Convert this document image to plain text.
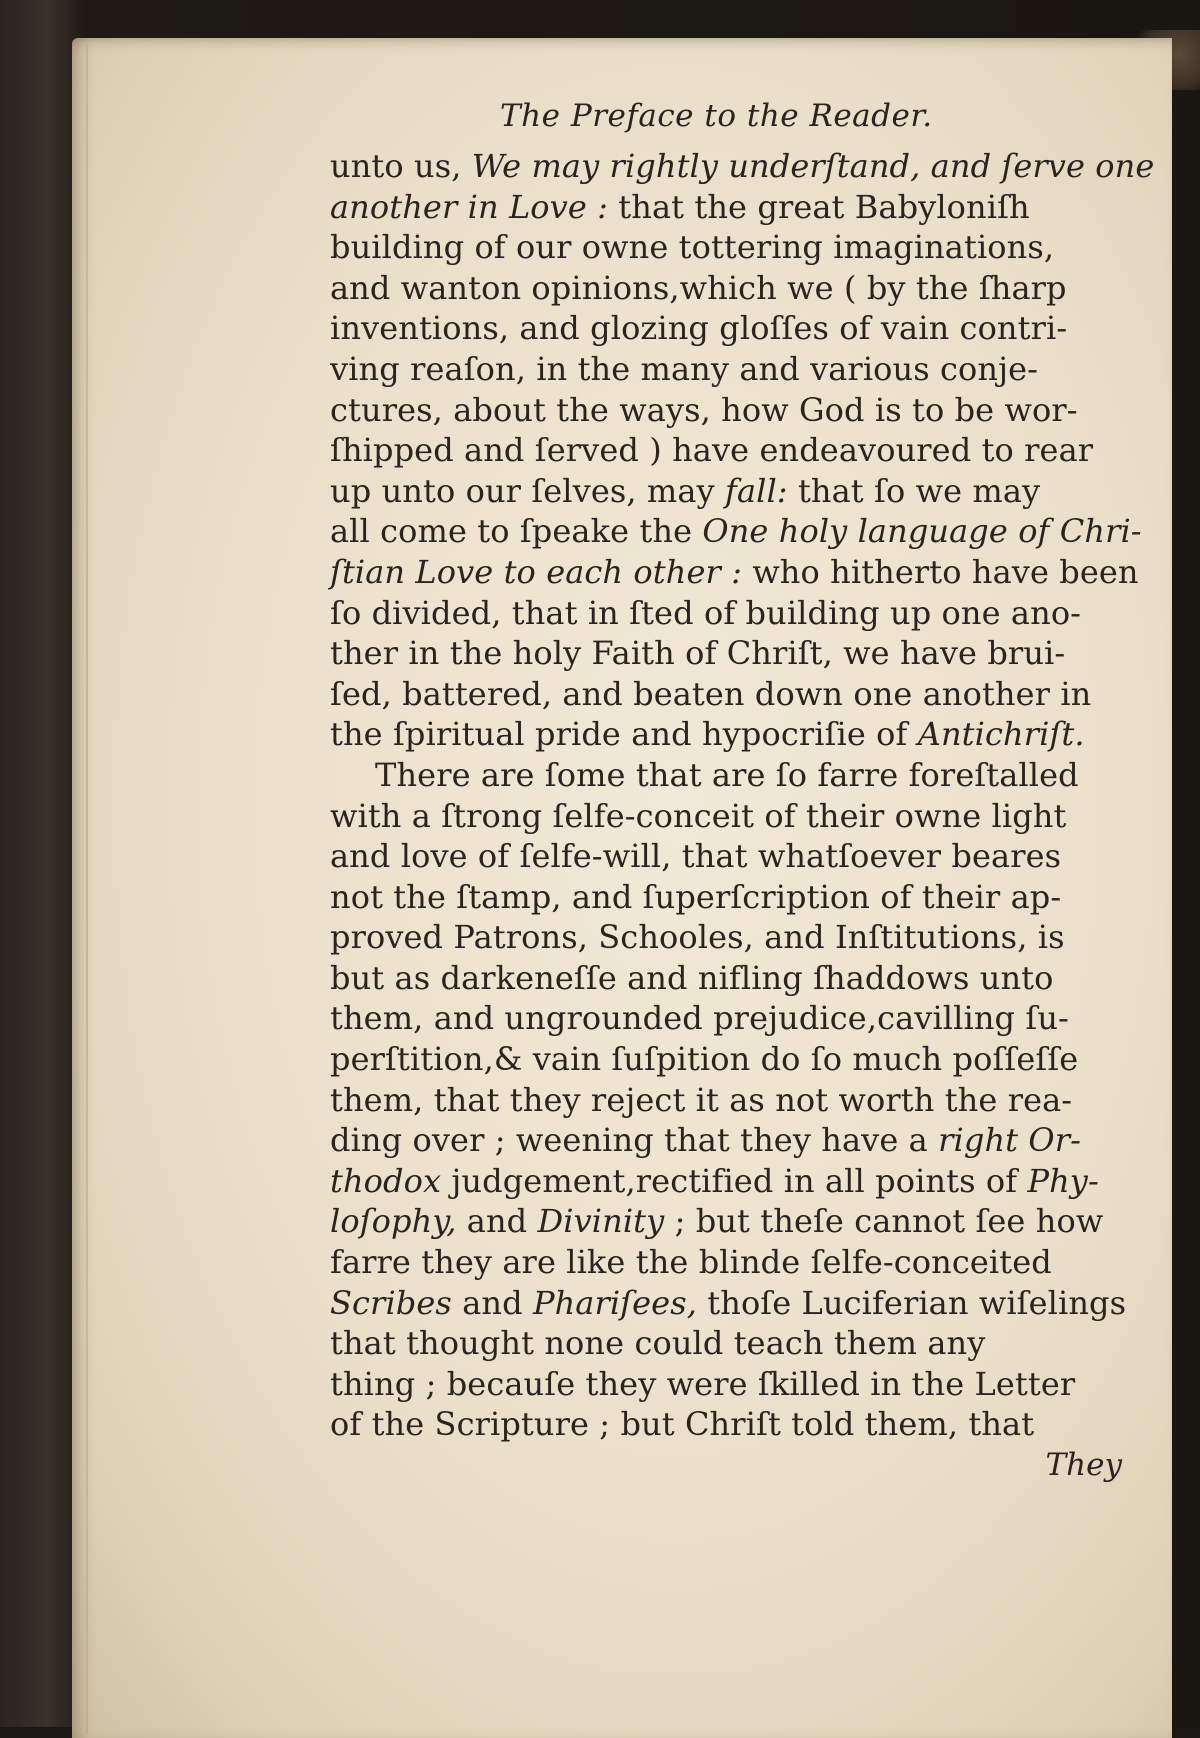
The Preface to the Reader.
unto us, We may rightly underſtand, and ſerve one
another in Love : that the great Babyloniſh
building of our owne tottering imaginations,
and wanton opinions,which we ( by the ſharp
inventions, and glozing gloſſes of vain contri-
ving reaſon, in the many and various conje-
ctures, about the ways, how God is to be wor-
ſhipped and ſerved ) have endeavoured to rear
up unto our ſelves, may fall: that ſo we may
all come to ſpeake the One holy language of Chri-
ſtian Love to each other : who hitherto have been
ſo divided, that in ſted of building up one ano-
ther in the holy Faith of Chriſt, we have brui-
ſed, battered, and beaten down one another in
the ſpiritual pride and hypocriſie of Antichriſt.
There are ſome that are ſo farre foreſtalled
with a ſtrong ſelfe-conceit of their owne light
and love of ſelfe-will, that whatſoever beares
not the ſtamp, and ſuperſcription of their ap-
proved Patrons, Schooles, and Inſtitutions, is
but as darkeneſſe and nifling ſhaddows unto
them, and ungrounded prejudice,cavilling ſu-
perſtition,& vain ſuſpition do ſo much poſſeſſe
them, that they reject it as not worth the rea-
ding over ; weening that they have a right Or-
thodox judgement,rectified in all points of Phy-
loſophy, and Divinity ; but theſe cannot ſee how
farre they are like the blinde ſelfe-conceited
Scribes and Phariſees, thoſe Luciferian wiſelings
that thought none could teach them any
thing ; becauſe they were ſkilled in the Letter
of the Scripture ; but Chriſt told them, that
They
